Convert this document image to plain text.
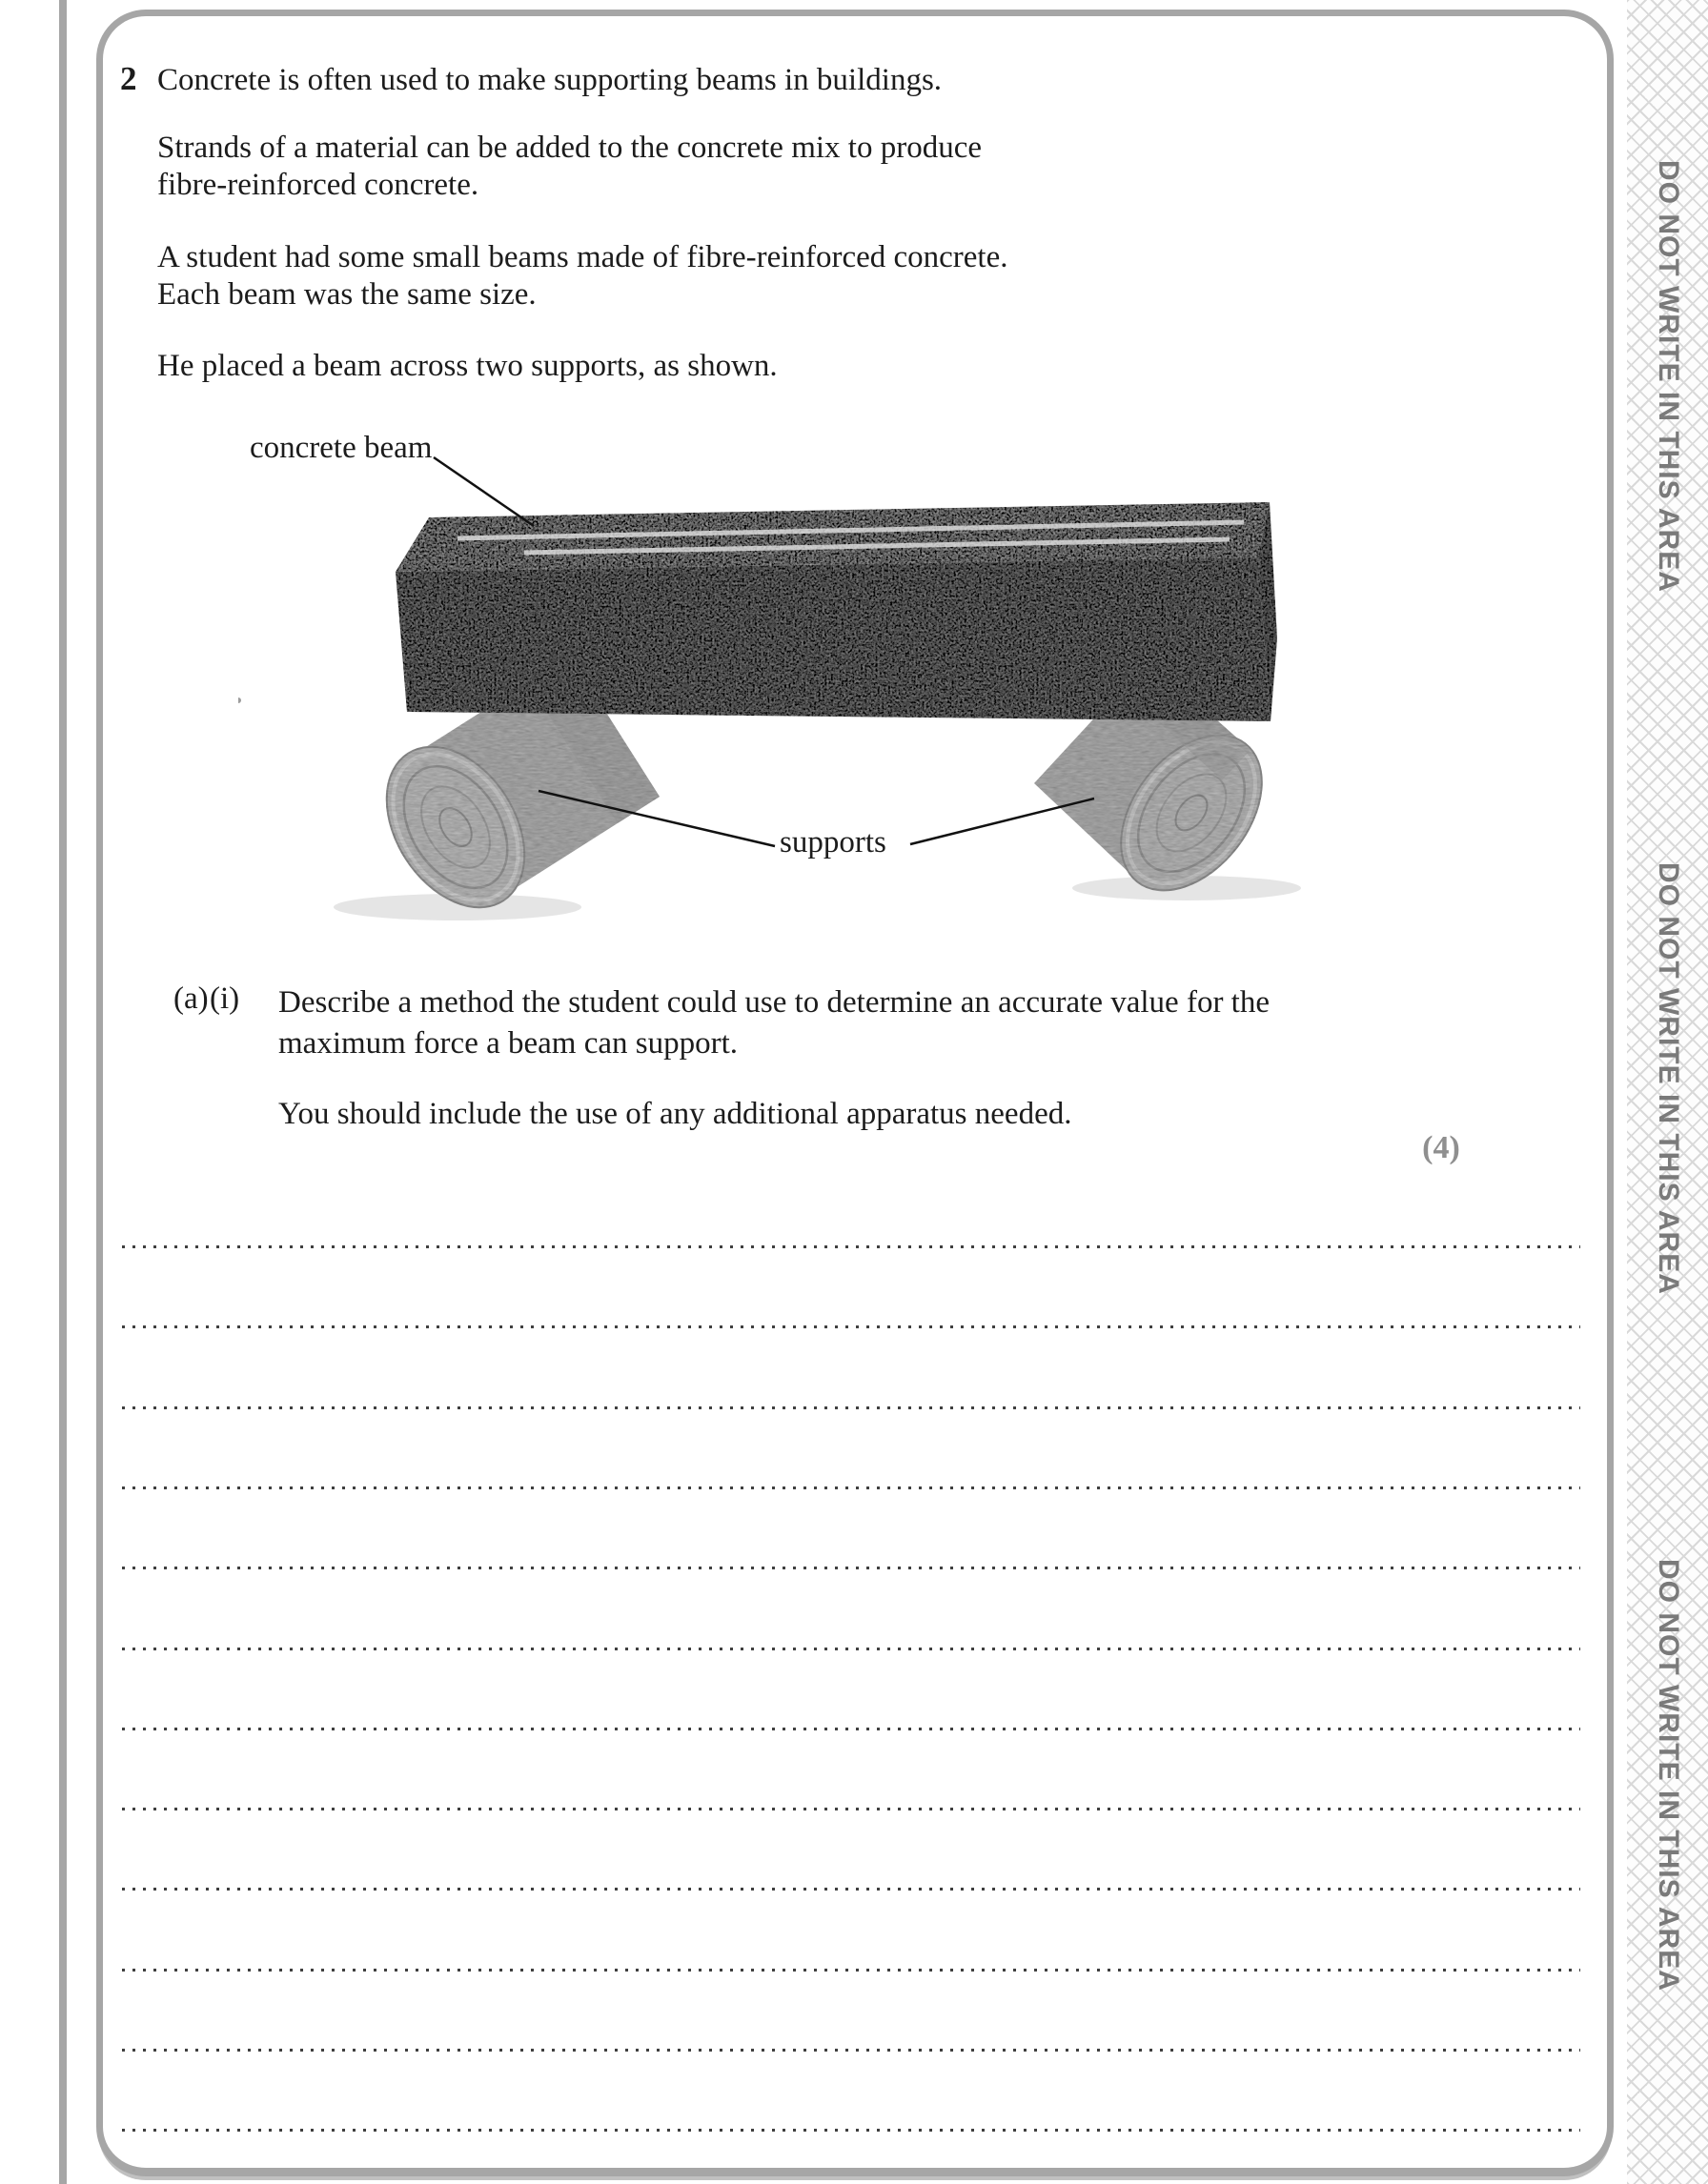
DO NOT WRITE IN THIS AREA
DO NOT WRITE IN THIS AREA
DO NOT WRITE IN THIS AREA
2 Concrete is often used to make supporting beams in buildings.
Strands of a material can be added to the concrete mix to produce
fibre-reinforced concrete.
A student had some small beams made of fibre-reinforced concrete.
Each beam was the same size.
He placed a beam across two supports, as shown.
concrete beam
supports
(a) (i) Describe a method the student could use to determine an accurate value for the
maximum force a beam can support.
You should include the use of any additional apparatus needed.
(4)
